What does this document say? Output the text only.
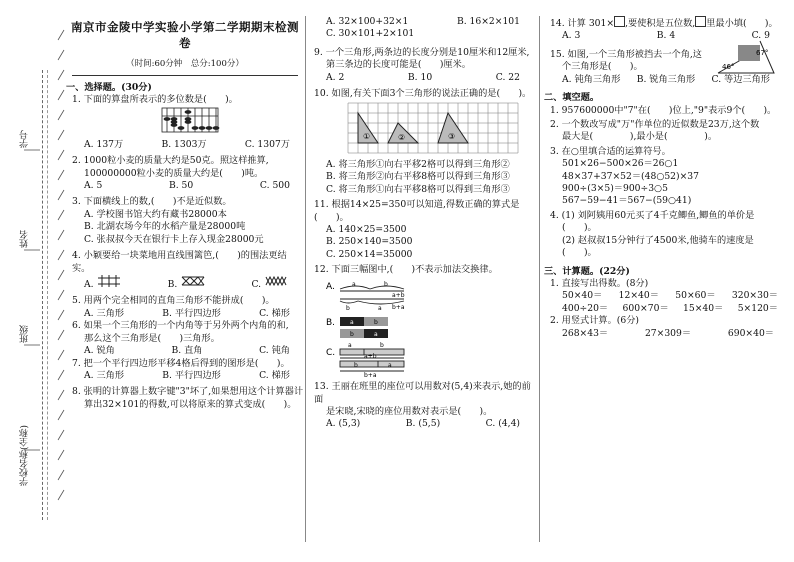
学号
姓名
班级
学校名称(全称)
南京市金陵中学实验小学第二学期期末检测卷
（时间:60分钟　总分:100分）
一、选择题。(30分)
1. 下面的算盘所表示的多位数是(　　)。
A. 137万	B. 1303万	C. 1307万
2. 1000粒小麦的质量大约是50克。照这样推算,
100000000粒小麦的质量大约是(　　)吨。
A. 5	B. 50	C. 500
3. 下面横线上的数,(　　)不是近似数。
A. 学校图书馆大约有藏书28000本
B. 北湖农场今年的水稻产量是28000吨
C. 张叔叔今天在银行卡上存入现金28000元
4. 小颖要给一块菜地用直线围篱笆,(　　)的围法更结实。
A.	B.	C.
5. 用两个完全相同的直角三角形不能拼成(　　)。
A. 三角形	B. 平行四边形	C. 梯形
6. 如果一个三角形的一个内角等于另外两个内角的和,
那么这个三角形是(　　)三角形。
A. 锐角	B. 直角	C. 钝角
7. 把一个平行四边形平移4格后得到的图形是(　　)。
A. 三角形	B. 平行四边形	C. 梯形
8. 张明的计算器上数字键"3"坏了,如果想用这个计算器计
算出32×101的得数,可以将原来的算式变成(　　)。
A. 32×100+32×1	B. 16×2×101
C. 30×101+2×101
9. 一个三角形,两条边的长度分别是10厘米和12厘米,
第三条边的长度可能是(　　)厘米。
A. 2	B. 10	C. 22
10. 如图,有关下面3个三角形的说法正确的是(　　)。
①	②	③
A. 将三角形①向右平移2格可以得到三角形②
B. 将三角形②向右平移8格可以得到三角形③
C. 将三角形①向右平移8格可以得到三角形③
11. 根据14×25=350可以知道,得数正确的算式是(　　)。
A. 140×25=3500
B. 250×140=3500
C. 250×14=35000
12. 下面三幅图中,(　　)不表示加法交换律。
A.	a	b
b	a
a+b
b+a
B. a	b
b	a
C.
a	b
a+b
b	a
b+a
13. 王丽在班里的座位可以用数对(5,4)来表示,她的前面
是宋晓,宋晓的座位用数对表示是(　　)。
A. (5,3)	B. (5,5)	C. (4,4)
14. 计算 301× ,要使积是五位数, 里最小填(　　)。
A. 3	B. 4	C. 9
15. 如图,一个三角形被挡去一个角,这
个三角形是(　　)。
67°
46°
A. 钝角三角形 B. 锐角三角形 C. 等边三角形
二、填空题。
1. 957600000中"7"在(　　)位上,"9"表示9个(　　)。
2. 一个数改写成"万"作单位的近似数是23万,这个数
最大是(　　　　),最小是(　　　　)。
3. 在○里填合适的运算符号。
501×26−500×26＝26○1
48×37+37×52＝(48○52)×37
900÷(3×5)＝900÷3○5
567−59−41＝567−(59○41)
4. (1) 刘阿姨用60元买了4千克鲫鱼,鲫鱼的单价是
(　　)。
(2) 赵叔叔15分钟行了4500米,他骑车的速度是
(　　)。
三、计算题。(22分)
1. 直接写出得数。(8分)
50×40＝ 12×40＝ 50×60＝ 320×30＝
400÷20＝ 600×70＝ 15×40＝ 5×120＝
2. 用竖式计算。(6分)
268×43＝	27×309＝	690×40＝
